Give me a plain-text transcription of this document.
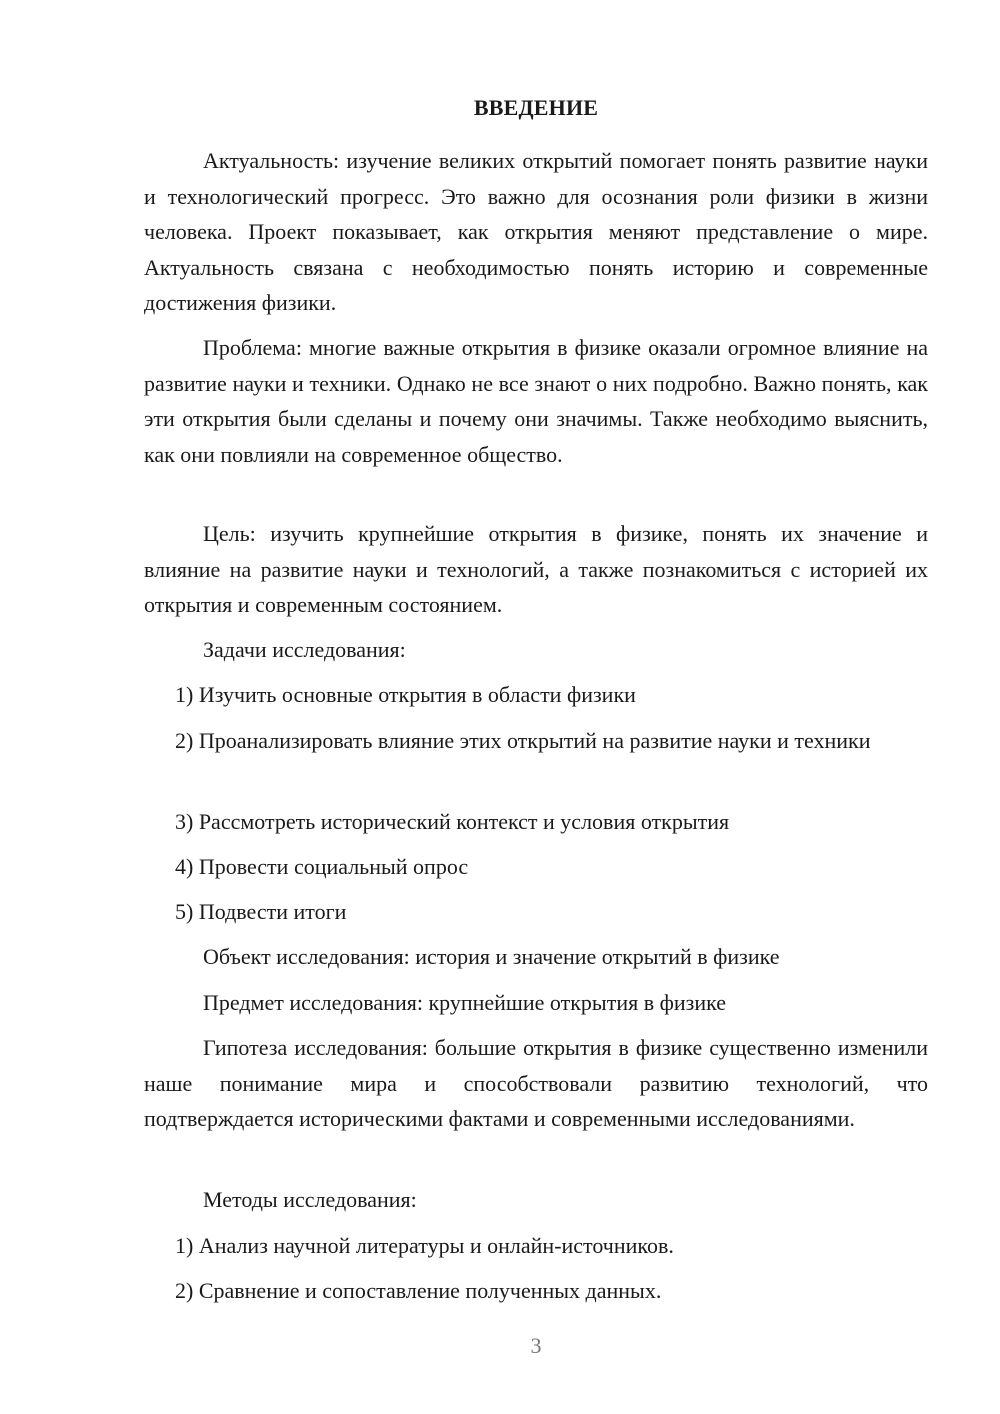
ВВЕДЕНИЕ
Актуальность: изучение великих открытий помогает понять развитие науки и технологический прогресс. Это важно для осознания роли физики в жизни человека. Проект показывает, как открытия меняют представление о мире. Актуальность связана с необходимостью понять историю и современные достижения физики.
Проблема: многие важные открытия в физике оказали огромное влияние на развитие науки и техники. Однако не все знают о них подробно. Важно понять, как эти открытия были сделаны и почему они значимы. Также необходимо выяснить, как они повлияли на современное общество.
Цель: изучить крупнейшие открытия в физике, понять их значение и влияние на развитие науки и технологий, а также познакомиться с историей их открытия и современным состоянием.
Задачи исследования:
1) Изучить основные открытия в области физики
2) Проанализировать влияние этих открытий на развитие науки и техники
3) Рассмотреть исторический контекст и условия открытия
4) Провести социальный опрос
5) Подвести итоги
Объект исследования: история и значение открытий в физике
Предмет исследования: крупнейшие открытия в физике
Гипотеза исследования: большие открытия в физике существенно изменили наше понимание мира и способствовали развитию технологий, что подтверждается историческими фактами и современными исследованиями.
Методы исследования:
1) Анализ научной литературы и онлайн-источников.
2) Сравнение и сопоставление полученных данных.
3
